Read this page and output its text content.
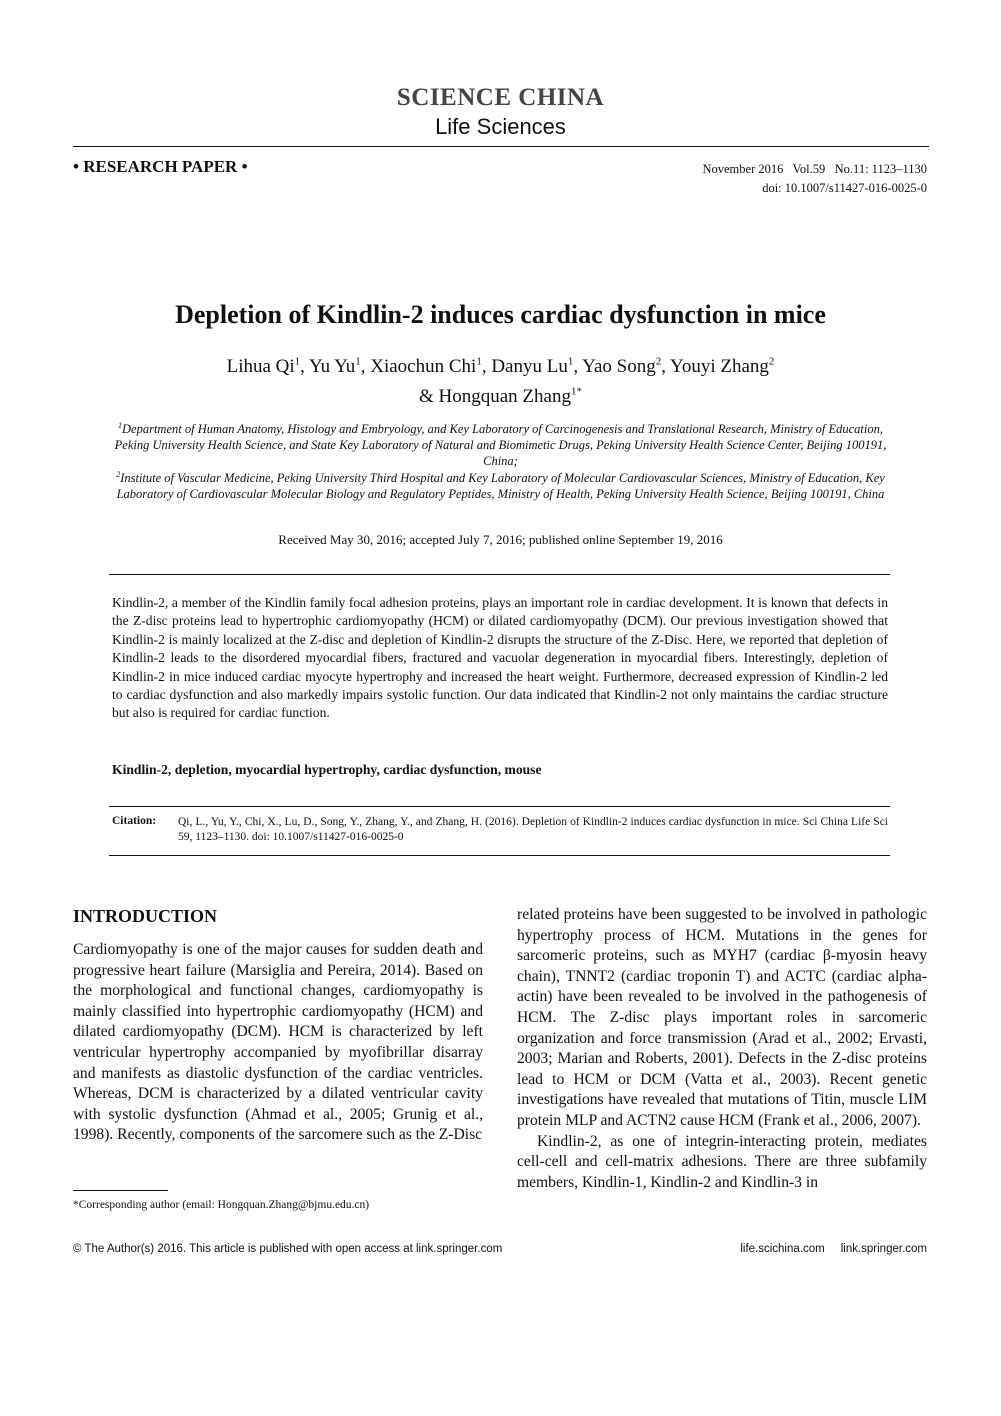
SCIENCE CHINA
Life Sciences
• RESEARCH PAPER •	November 2016   Vol.59   No.11: 1123–1130
doi: 10.1007/s11427-016-0025-0
Depletion of Kindlin-2 induces cardiac dysfunction in mice
Lihua Qi$^1$, Yu Yu$^1$, Xiaochun Chi$^1$, Danyu Lu$^1$, Yao Song$^2$, Youyi Zhang$^2$
& Hongquan Zhang$^{1*}$
$^1$Department of Human Anatomy, Histology and Embryology, and Key Laboratory of Carcinogenesis and Translational Research, Ministry of Education, Peking University Health Science, and State Key Laboratory of Natural and Biomimetic Drugs, Peking University Health Science Center, Beijing 100191, China;
$^2$Institute of Vascular Medicine, Peking University Third Hospital and Key Laboratory of Molecular Cardiovascular Sciences, Ministry of Education, Key Laboratory of Cardiovascular Molecular Biology and Regulatory Peptides, Ministry of Health, Peking University Health Science, Beijing 100191, China
Received May 30, 2016; accepted July 7, 2016; published online September 19, 2016
Kindlin-2, a member of the Kindlin family focal adhesion proteins, plays an important role in cardiac development. It is known that defects in the Z-disc proteins lead to hypertrophic cardiomyopathy (HCM) or dilated cardiomyopathy (DCM). Our previous investigation showed that Kindlin-2 is mainly localized at the Z-disc and depletion of Kindlin-2 disrupts the structure of the Z-Disc. Here, we reported that depletion of Kindlin-2 leads to the disordered myocardial fibers, fractured and vacuolar degeneration in myocardial fibers. Interestingly, depletion of Kindlin-2 in mice induced cardiac myocyte hypertrophy and increased the heart weight. Furthermore, decreased expression of Kindlin-2 led to cardiac dysfunction and also markedly impairs systolic function. Our data indicated that Kindlin-2 not only maintains the cardiac structure but also is required for cardiac function.
Kindlin-2, depletion, myocardial hypertrophy, cardiac dysfunction, mouse
Citation: Qi, L., Yu, Y., Chi, X., Lu, D., Song, Y., Zhang, Y., and Zhang, H. (2016). Depletion of Kindlin-2 induces cardiac dysfunction in mice. Sci China Life Sci 59, 1123–1130. doi: 10.1007/s11427-016-0025-0
INTRODUCTION

Cardiomyopathy is one of the major causes for sudden death and progressive heart failure (Marsiglia and Pereira, 2014). Based on the morphological and functional changes, cardiomyopathy is mainly classified into hypertrophic cardiomyopathy (HCM) and dilated cardiomyopathy (DCM). HCM is characterized by left ventricular hypertrophy accompanied by myofibrillar disarray and manifests as diastolic dysfunction of the cardiac ventricles. Whereas, DCM is characterized by a dilated ventricular cavity with systolic dysfunction (Ahmad et al., 2005; Grunig et al., 1998). Recently, components of the sarcomere such as the Z-Disc

related proteins have been suggested to be involved in pathologic hypertrophy process of HCM. Mutations in the genes for sarcomeric proteins, such as MYH7 (cardiac β-myosin heavy chain), TNNT2 (cardiac troponin T) and ACTC (cardiac alpha-actin) have been revealed to be involved in the pathogenesis of HCM. The Z-disc plays important roles in sarcomeric organization and force transmission (Arad et al., 2002; Ervasti, 2003; Marian and Roberts, 2001). Defects in the Z-disc proteins lead to HCM or DCM (Vatta et al., 2003). Recent genetic investigations have revealed that mutations of Titin, muscle LIM protein MLP and ACTN2 cause HCM (Frank et al., 2006, 2007).

Kindlin-2, as one of integrin-interacting protein, mediates cell-cell and cell-matrix adhesions. There are three subfamily members, Kindlin-1, Kindlin-2 and Kindlin-3 in

*Corresponding author (email: Hongquan.Zhang@bjmu.edu.cn)
© The Author(s) 2016. This article is published with open access at link.springer.com	life.scichina.com link.springer.com
